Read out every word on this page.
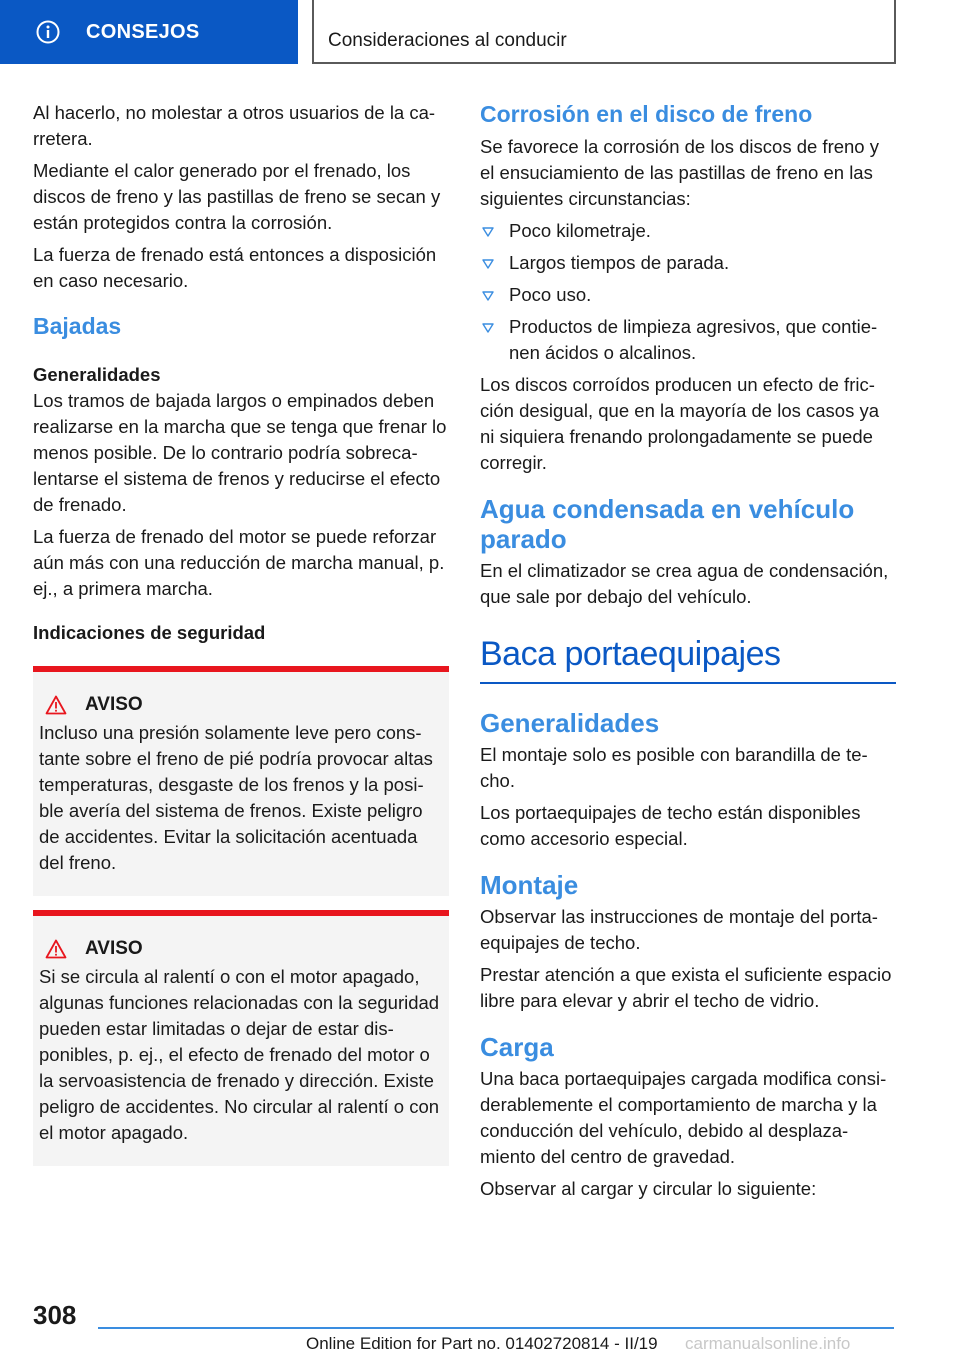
CONSEJOS	Consideraciones al conducir

Al hacerlo, no molestar a otros usuarios de la carretera.

Mediante el calor generado por el frenado, los discos de freno y las pastillas de freno se secan y están protegidos contra la corrosión.

La fuerza de frenado está entonces a disposición en caso necesario.

Bajadas
Generalidades

Los tramos de bajada largos o empinados deben realizarse en la marcha que se tenga que frenar lo menos posible. De lo contrario podría sobrecalentarse el sistema de frenos y reducirse el efecto de frenado.

La fuerza de frenado del motor se puede reforzar aún más con una reducción de marcha manual, p. ej., a primera marcha.

Indicaciones de seguridad
AVISO

Incluso una presión solamente leve pero constante sobre el freno de pié podría provocar altas temperaturas, desgaste de los frenos y la posible avería del sistema de frenos. Existe peligro de accidentes. Evitar la solicitación acentuada del freno.

AVISO

Si se circula al ralentí o con el motor apagado, algunas funciones relacionadas con la seguridad pueden estar limitadas o dejar de estar disponibles, p. ej., el efecto de frenado del motor o la servoasistencia de frenado y dirección. Existe peligro de accidentes. No circular al ralentí o con el motor apagado.

Corrosión en el disco de freno

Se favorece la corrosión de los discos de freno y el ensuciamiento de las pastillas de freno en las siguientes circunstancias:

Poco kilometraje.
Largos tiempos de parada.
Poco uso.
Productos de limpieza agresivos, que contienen ácidos o alcalinos.

Los discos corroídos producen un efecto de fricción desigual, que en la mayoría de los casos ya ni siquiera frenando prolongadamente se puede corregir.

Agua condensada en vehículo parado

En el climatizador se crea agua de condensación, que sale por debajo del vehículo.

Baca portaequipajes
Generalidades

El montaje solo es posible con barandilla de techo.

Los portaequipajes de techo están disponibles como accesorio especial.

Montaje

Observar las instrucciones de montaje del portaequipajes de techo.

Prestar atención a que exista el suficiente espacio libre para elevar y abrir el techo de vidrio.

Carga

Una baca portaequipajes cargada modifica considerablemente el comportamiento de marcha y la conducción del vehículo, debido al desplazamiento del centro de gravedad.

Observar al cargar y circular lo siguiente:

308
Online Edition for Part no. 01402720814 - II/19 carmanualsonline.info
